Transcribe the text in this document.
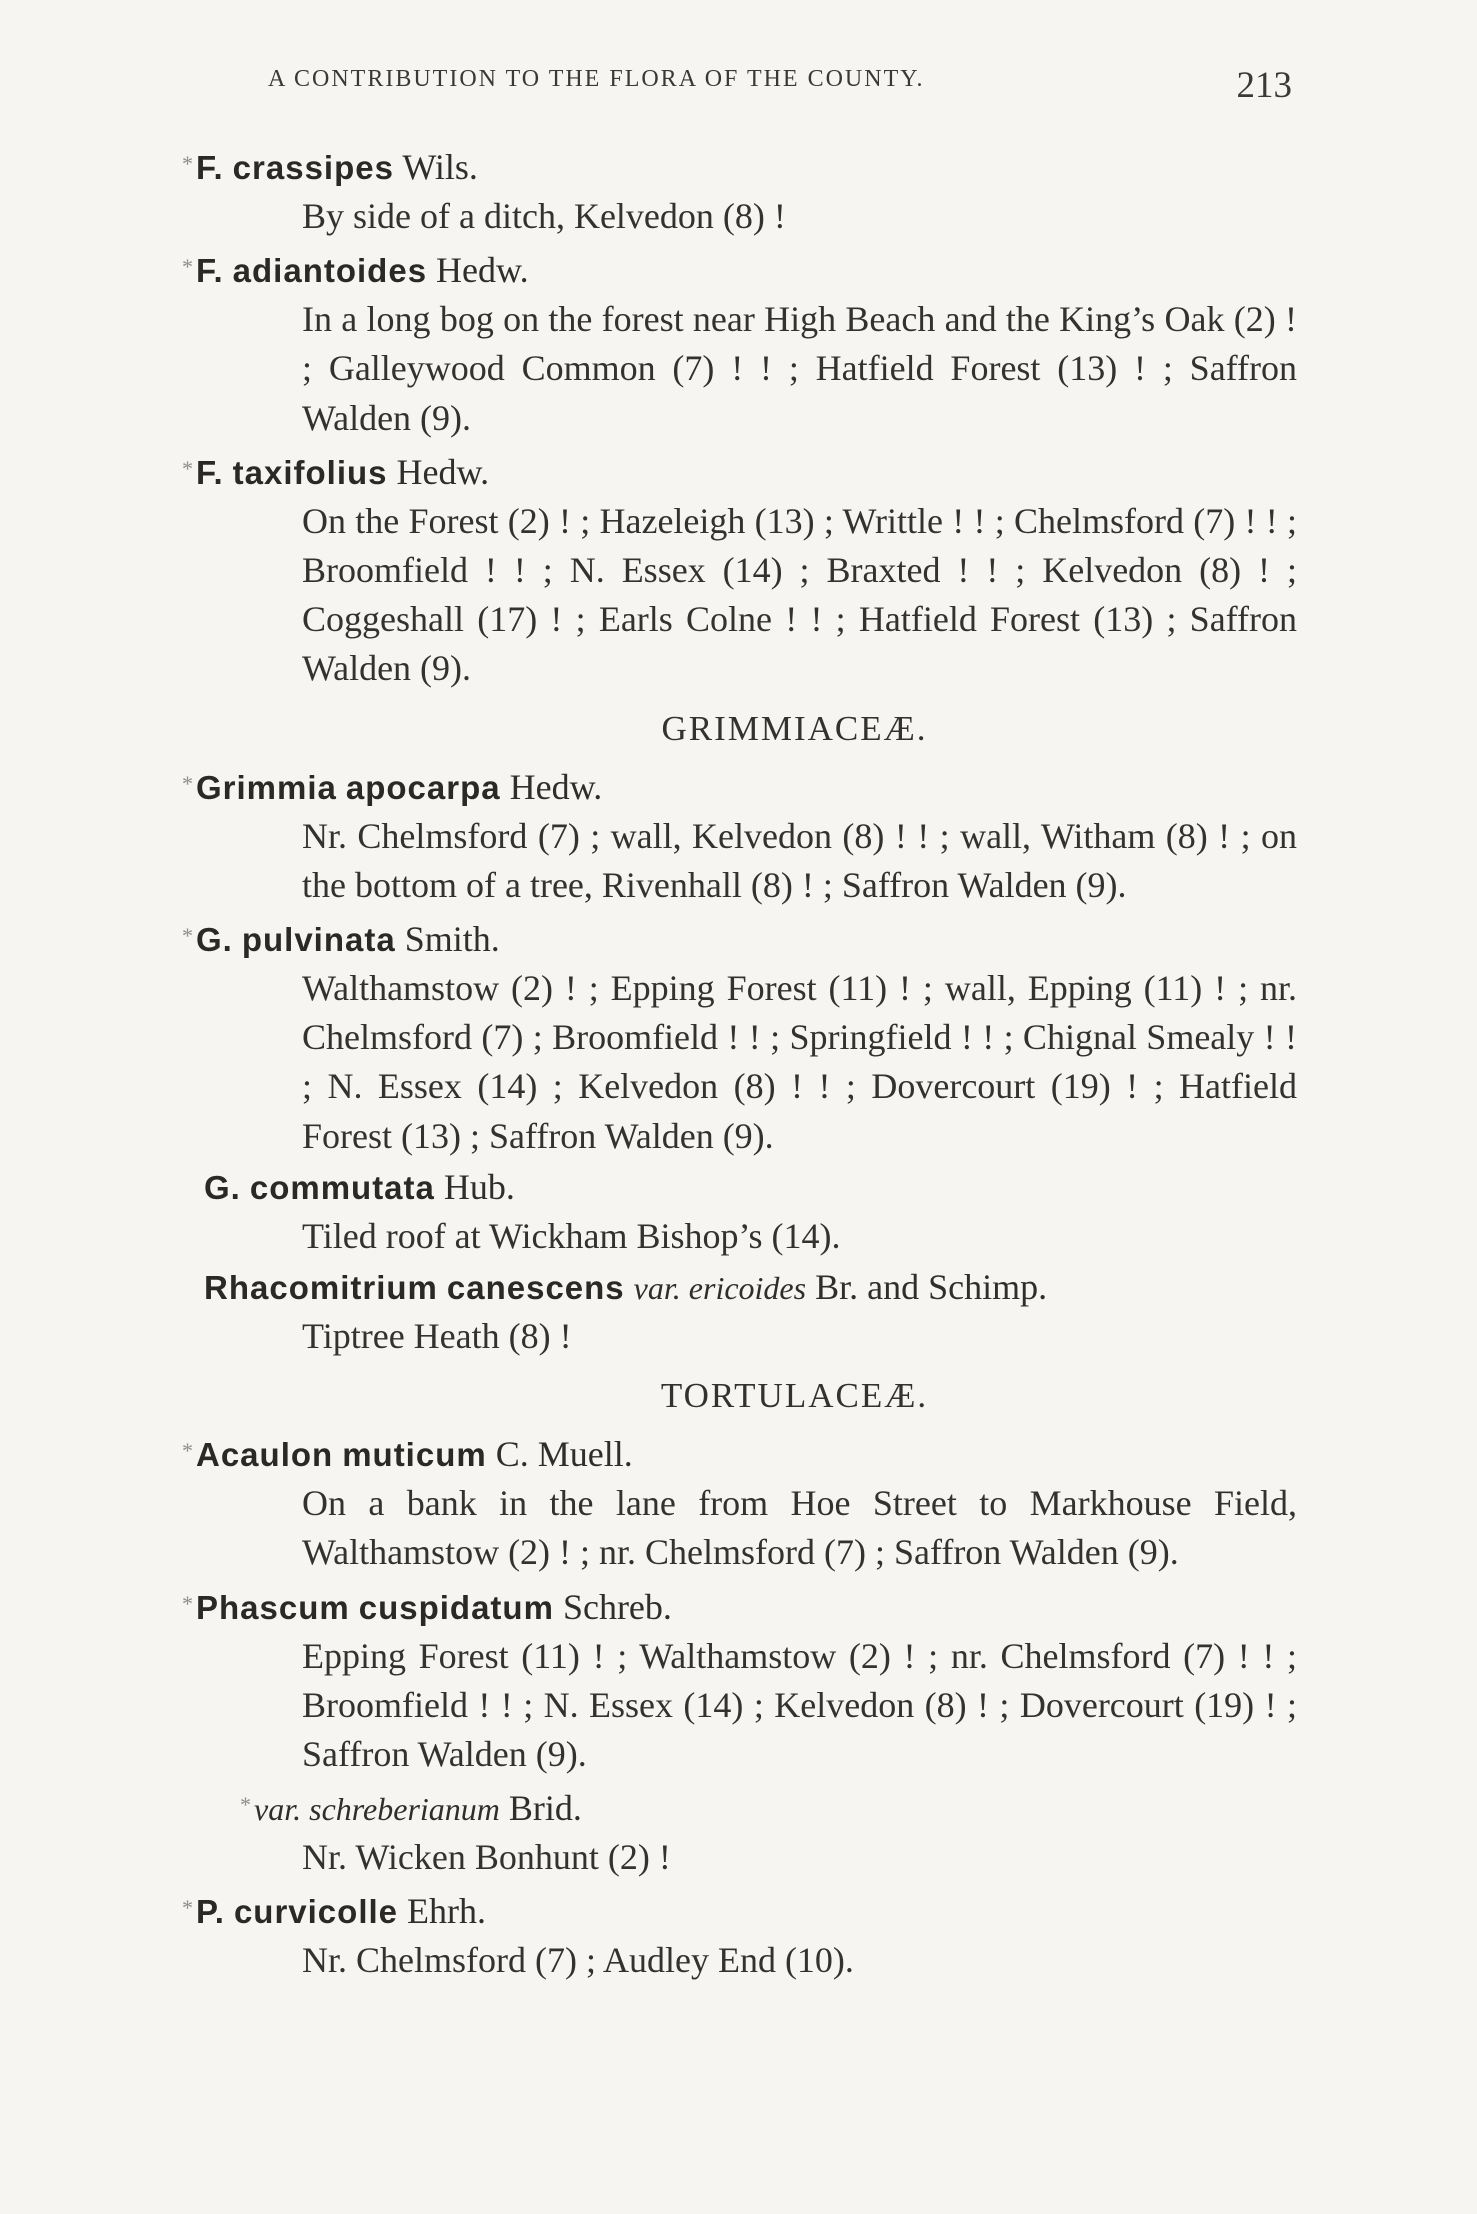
A CONTRIBUTION TO THE FLORA OF THE COUNTY.	213
*F. crassipes Wils.

By side of a ditch, Kelvedon (8) !

*F. adiantoides Hedw.

In a long bog on the forest near High Beach and the King’s Oak (2) ! ; Galleywood Common (7) ! ! ; Hatfield Forest (13) ! ; Saffron Walden (9).

*F. taxifolius Hedw.

On the Forest (2) ! ; Hazeleigh (13) ; Writtle ! ! ; Chelmsford (7) ! ! ; Broomfield ! ! ; N. Essex (14) ; Braxted ! ! ; Kelvedon (8) ! ; Coggeshall (17) ! ; Earls Colne ! ! ; Hatfield Forest (13) ; Saffron Walden (9).

GRIMMIACEÆ.
*Grimmia apocarpa Hedw.

Nr. Chelmsford (7) ; wall, Kelvedon (8) ! ! ; wall, Witham (8) ! ; on the bottom of a tree, Rivenhall (8) ! ; Saffron Walden (9).

*G. pulvinata Smith.

Walthamstow (2) ! ; Epping Forest (11) ! ; wall, Epping (11) ! ; nr. Chelmsford (7) ; Broomfield ! ! ; Springfield ! ! ; Chignal Smealy ! ! ; N. Essex (14) ; Kelvedon (8) ! ! ; Dovercourt (19) ! ; Hatfield Forest (13) ; Saffron Walden (9).

G. commutata Hub.

Tiled roof at Wickham Bishop’s (14).

Rhacomitrium canescens var. ericoides Br. and Schimp.

Tiptree Heath (8) !

TORTULACEÆ.
*Acaulon muticum C. Muell.

On a bank in the lane from Hoe Street to Markhouse Field, Walthamstow (2) ! ; nr. Chelmsford (7) ; Saffron Walden (9).

*Phascum cuspidatum Schreb.

Epping Forest (11) ! ; Walthamstow (2) ! ; nr. Chelmsford (7) ! ! ; Broomfield ! ! ; N. Essex (14) ; Kelvedon (8) ! ; Dovercourt (19) ! ; Saffron Walden (9).

*var. schreberianum Brid.

Nr. Wicken Bonhunt (2) !

*P. curvicolle Ehrh.

Nr. Chelmsford (7) ; Audley End (10).
